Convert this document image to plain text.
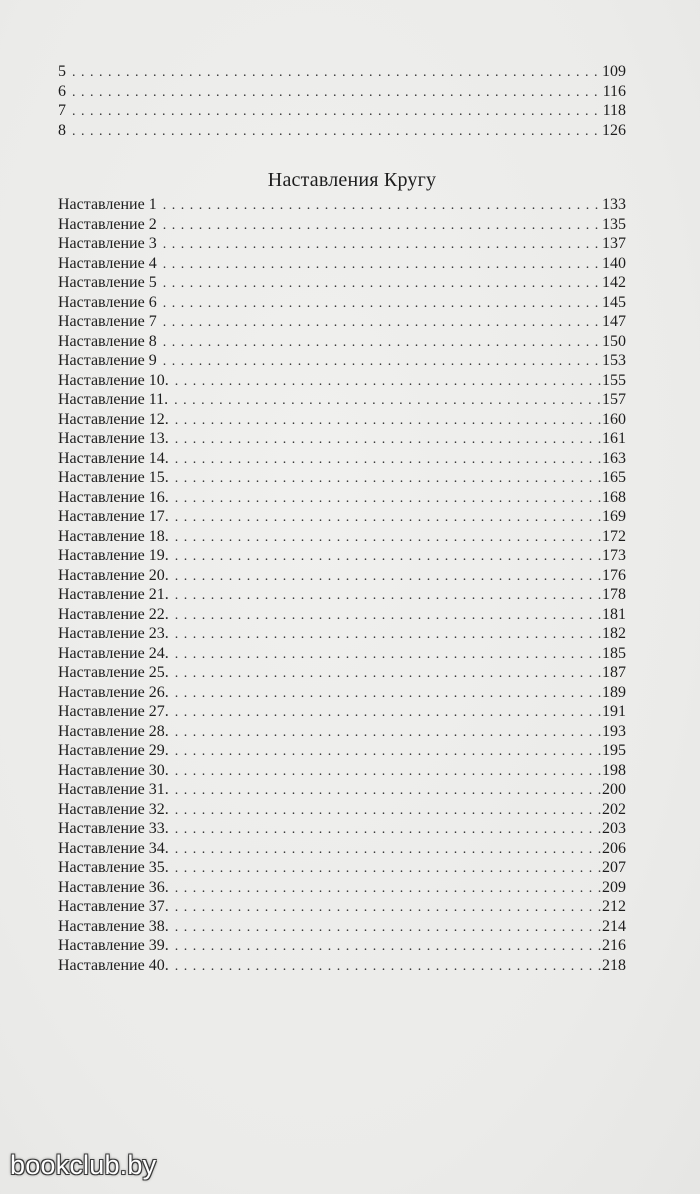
5 . . .	109
6 . . .	116
7 . . .	118
8 . . .	126
Наставления Кругу
Наставление 1 . . .	133
Наставление 2 . . .	135
Наставление 3 . . .	137
Наставление 4 . . .	140
Наставление 5 . . .	142
Наставление 6 . . .	145
Наставление 7 . . .	147
Наставление 8 . . .	150
Наставление 9 . . .	153
Наставление 10. . . .	155
Наставление 11. . . .	157
Наставление 12. . . .	160
Наставление 13. . . .	161
Наставление 14. . . .	163
Наставление 15. . . .	165
Наставление 16. . . .	168
Наставление 17. . . .	169
Наставление 18. . . .	172
Наставление 19. . . .	173
Наставление 20. . . .	176
Наставление 21. . . .	178
Наставление 22. . . .	181
Наставление 23. . . .	182
Наставление 24. . . .	185
Наставление 25. . . .	187
Наставление 26. . . .	189
Наставление 27. . . .	191
Наставление 28. . . .	193
Наставление 29. . . .	195
Наставление 30. . . .	198
Наставление 31. . . .	200
Наставление 32. . . .	202
Наставление 33. . . .	203
Наставление 34. . . .	206
Наставление 35. . . .	207
Наставление 36. . . .	209
Наставление 37. . . .	212
Наставление 38. . . .	214
Наставление 39. . . .	216
Наставление 40. . . .	218
bookclub.by
